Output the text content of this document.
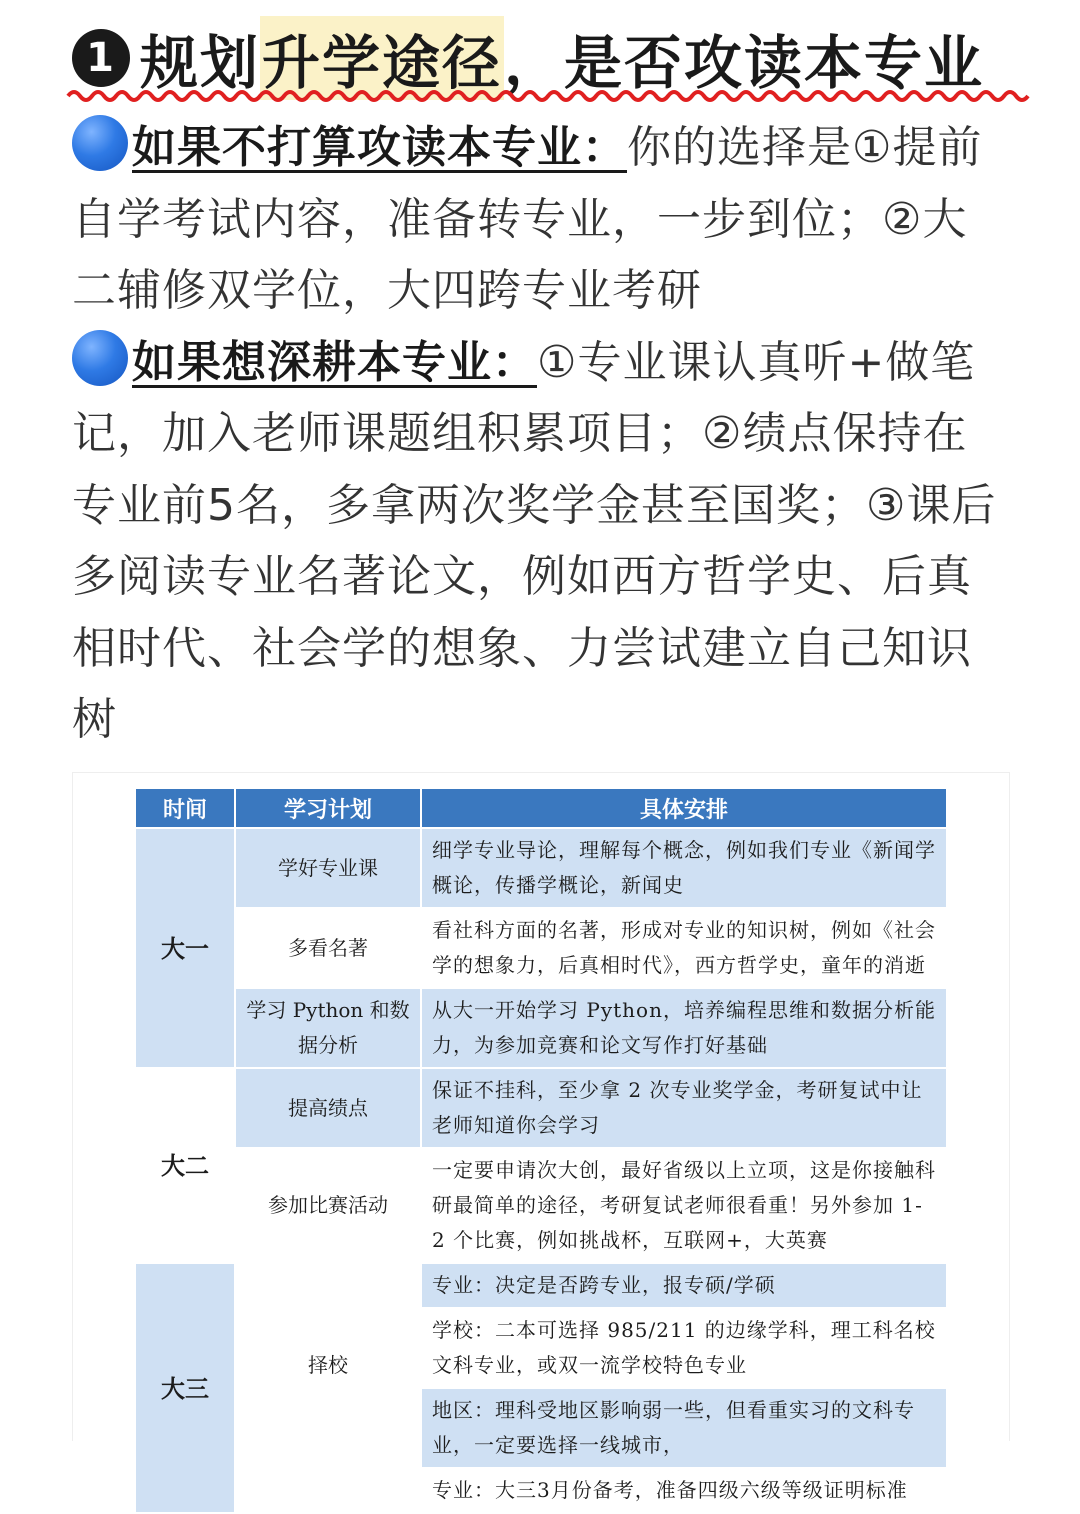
1 规划 升学途径 ，是否攻读本专业

如果不打算攻读本专业：你的选择是①提前自学考试内容，准备转专业，一步到位；②大二辅修双学位，大四跨专业考研

如果想深耕本专业：①专业课认真听+做笔记，加入老师课题组积累项目；②绩点保持在专业前5名，多拿两次奖学金甚至国奖；③课后多阅读专业名著论文，例如西方哲学史、后真相时代、社会学的想象、力尝试建立自己知识树

时间	学习计划	具体安排
大一	学好专业课	细学专业导论，理解每个概念，例如我们专业《新闻学概论，传播学概论，新闻史
	多看名著	看社科方面的名著，形成对专业的知识树，例如《社会学的想象力，后真相时代》，西方哲学史，童年的消逝
	学习 Python 和数据分析	从大一开始学习 Python，培养编程思维和数据分析能力，为参加竞赛和论文写作打好基础
大二	提高绩点	保证不挂科，至少拿 2 次专业奖学金，考研复试中让老师知道你会学习
	参加比赛活动	一定要申请次大创，最好省级以上立项，这是你接触科研最简单的途径，考研复试老师很看重！另外参加 1-2 个比赛，例如挑战杯，互联网+，大英赛
大三	择校	专业：决定是否跨专业，报专硕/学硕
		学校：二本可选择 985/211 的边缘学科，理工科名校文科专业，或双一流学校特色专业
		地区：理科受地区影响弱一些，但看重实习的文科专业，一定要选择一线城市，
		专业：大三3月份备考，准备四级六级等级证明标准
